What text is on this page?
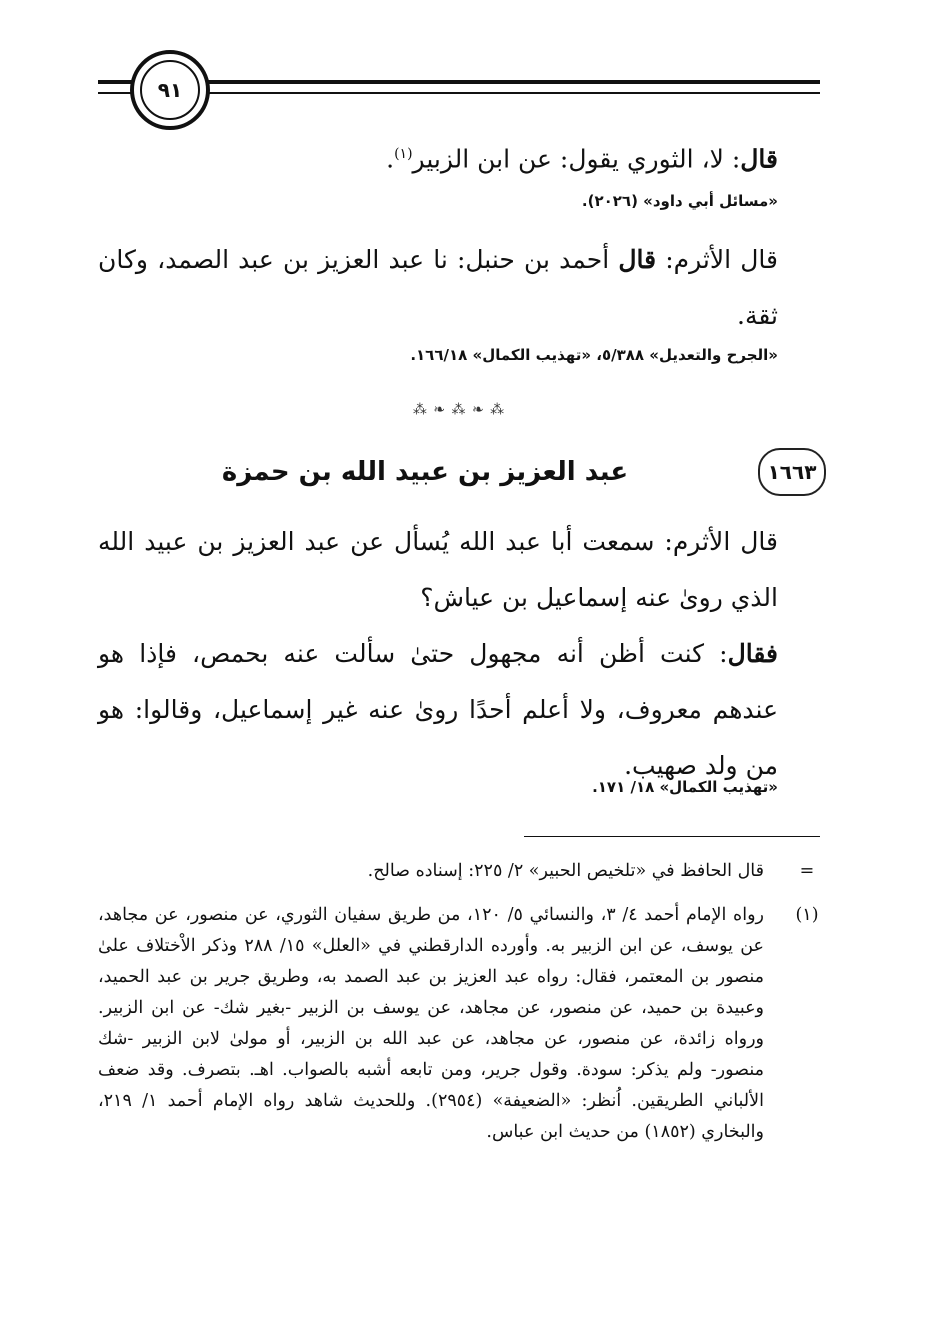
٩١
قال: لا، الثوري يقول: عن ابن الزبير$^{(١)}$.
«مسائل أبي داود» (٢٠٢٦).
قال الأثرم: قال أحمد بن حنبل: نا عبد العزيز بن عبد الصمد، وكان ثقة.
«الجرح والتعديل» ٥/٣٨٨، «تهذيب الكمال» ١٦٦/١٨.
⁂ ❧ ⁂ ❧ ⁂
١٦٦٣
عبد العزيز بن عبيد الله بن حمزة
قال الأثرم: سمعت أبا عبد الله يُسأل عن عبد العزيز بن عبيد الله الذي روىٰ عنه إسماعيل بن عياش؟
فقال: كنت أظن أنه مجهول حتىٰ سألت عنه بحمص، فإذا هو عندهم معروف، ولا أعلم أحدًا روىٰ عنه غير إسماعيل، وقالوا: هو من ولد صهيب.
«تهذيب الكمال» ١٨/ ١٧١.
=
قال الحافظ في «تلخيص الحبير» ٢/ ٢٢٥: إسناده صالح.
(١)
رواه الإمام أحمد ٤/ ٣، والنسائي ٥/ ١٢٠، من طريق سفيان الثوري، عن منصور، عن مجاهد، عن يوسف، عن ابن الزبير به. وأورده الدارقطني في «العلل» ١٥/ ٢٨٨ وذكر الاْختلاف علىٰ منصور بن المعتمر، فقال: رواه عبد العزيز بن عبد الصمد به، وطريق جرير بن عبد الحميد، وعبيدة بن حميد، عن منصور، عن مجاهد، عن يوسف بن الزبير -بغير شك- عن ابن الزبير. ورواه زائدة، عن منصور، عن مجاهد، عن عبد الله بن الزبير، أو مولىٰ لابن الزبير -شك منصور- ولم يذكر: سودة. وقول جرير، ومن تابعه أشبه بالصواب. اهـ. بتصرف. وقد ضعف الألباني الطريقين. اُنظر: «الضعيفة» (٢٩٥٤). وللحديث شاهد رواه الإمام أحمد ١/ ٢١٩، والبخاري (١٨٥٢) من حديث ابن عباس.
